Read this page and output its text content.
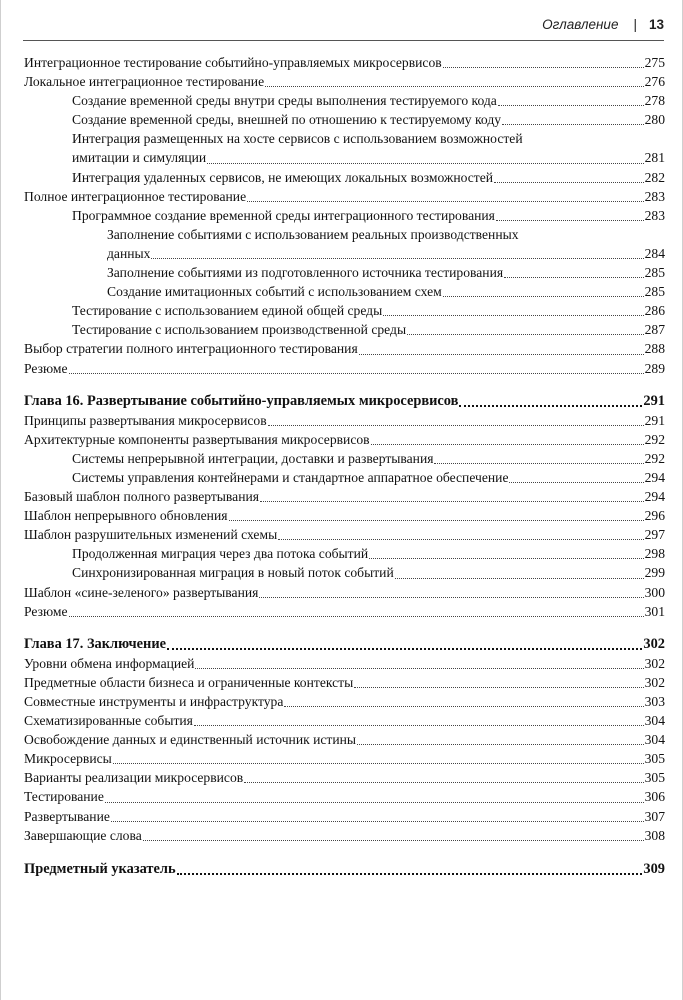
Оглавление | 13
Интеграционное тестирование событийно-управляемых микросервисов	275
Локальное интеграционное тестирование	276
Создание временной среды внутри среды выполнения тестируемого кода	278
Создание временной среды, внешней по отношению к тестируемому коду	280
Интеграция размещенных на хосте сервисов с использованием возможностей
имитации и симуляции	281
Интеграция удаленных сервисов, не имеющих локальных возможностей	282
Полное интеграционное тестирование	283
Программное создание временной среды интеграционного тестирования	283
Заполнение событиями с использованием реальных производственных
данных	284
Заполнение событиями из подготовленного источника тестирования	285
Создание имитационных событий с использованием схем	285
Тестирование с использованием единой общей среды	286
Тестирование с использованием производственной среды	287
Выбор стратегии полного интеграционного тестирования	288
Резюме	289
Глава 16. Развертывание событийно-управляемых микросервисов	291
Принципы развертывания микросервисов	291
Архитектурные компоненты развертывания микросервисов	292
Системы непрерывной интеграции, доставки и развертывания	292
Системы управления контейнерами и стандартное аппаратное обеспечение	294
Базовый шаблон полного развертывания	294
Шаблон непрерывного обновления	296
Шаблон разрушительных изменений схемы	297
Продолженная миграция через два потока событий	298
Синхронизированная миграция в новый поток событий	299
Шаблон «сине-зеленого» развертывания	300
Резюме	301
Глава 17. Заключение	302
Уровни обмена информацией	302
Предметные области бизнеса и ограниченные контексты	302
Совместные инструменты и инфраструктура	303
Схематизированные события	304
Освобождение данных и единственный источник истины	304
Микросервисы	305
Варианты реализации микросервисов	305
Тестирование	306
Развертывание	307
Завершающие слова	308
Предметный указатель	309
